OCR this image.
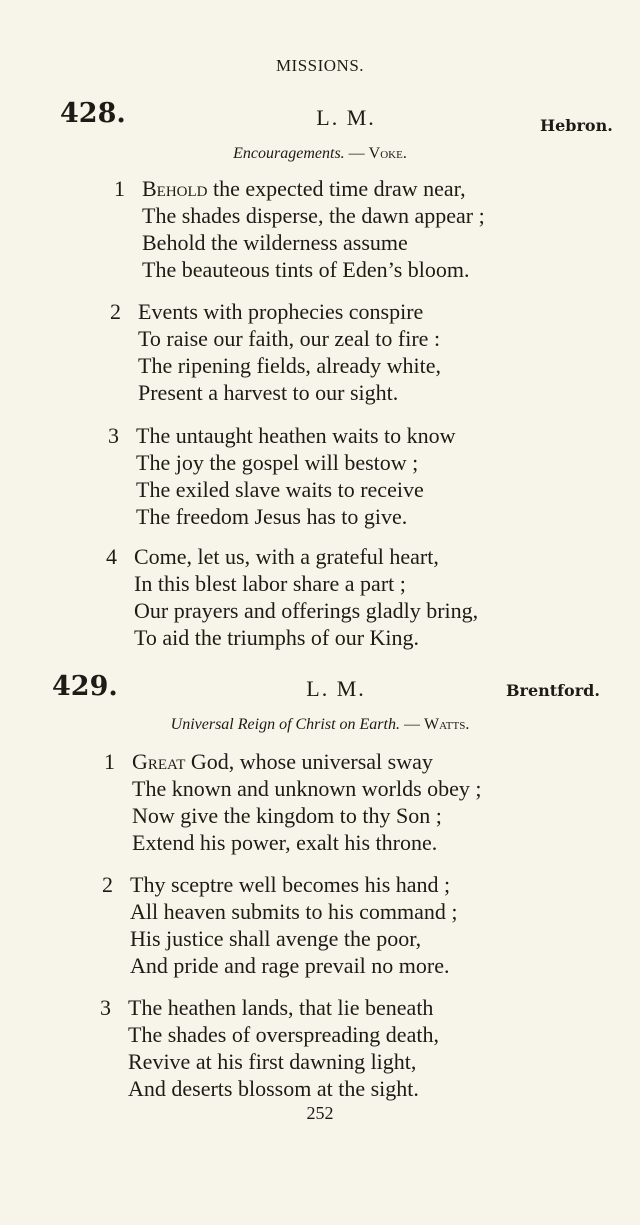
MISSIONS.
428.	L. M.	Hebron.
Encouragements. — Voke.
1 Behold the expected time draw near,
The shades disperse, the dawn appear ;
Behold the wilderness assume
The beauteous tints of Eden’s bloom.
2 Events with prophecies conspire
To raise our faith, our zeal to fire :
The ripening fields, already white,
Present a harvest to our sight.
3 The untaught heathen waits to know
The joy the gospel will bestow ;
The exiled slave waits to receive
The freedom Jesus has to give.
4 Come, let us, with a grateful heart,
In this blest labor share a part ;
Our prayers and offerings gladly bring,
To aid the triumphs of our King.
429.	L. M.	Brentford.
Universal Reign of Christ on Earth. — Watts.
1 Great God, whose universal sway
The known and unknown worlds obey ;
Now give the kingdom to thy Son ;
Extend his power, exalt his throne.
2 Thy sceptre well becomes his hand ;
All heaven submits to his command ;
His justice shall avenge the poor,
And pride and rage prevail no more.
3 The heathen lands, that lie beneath
The shades of overspreading death,
Revive at his first dawning light,
And deserts blossom at the sight.
252
